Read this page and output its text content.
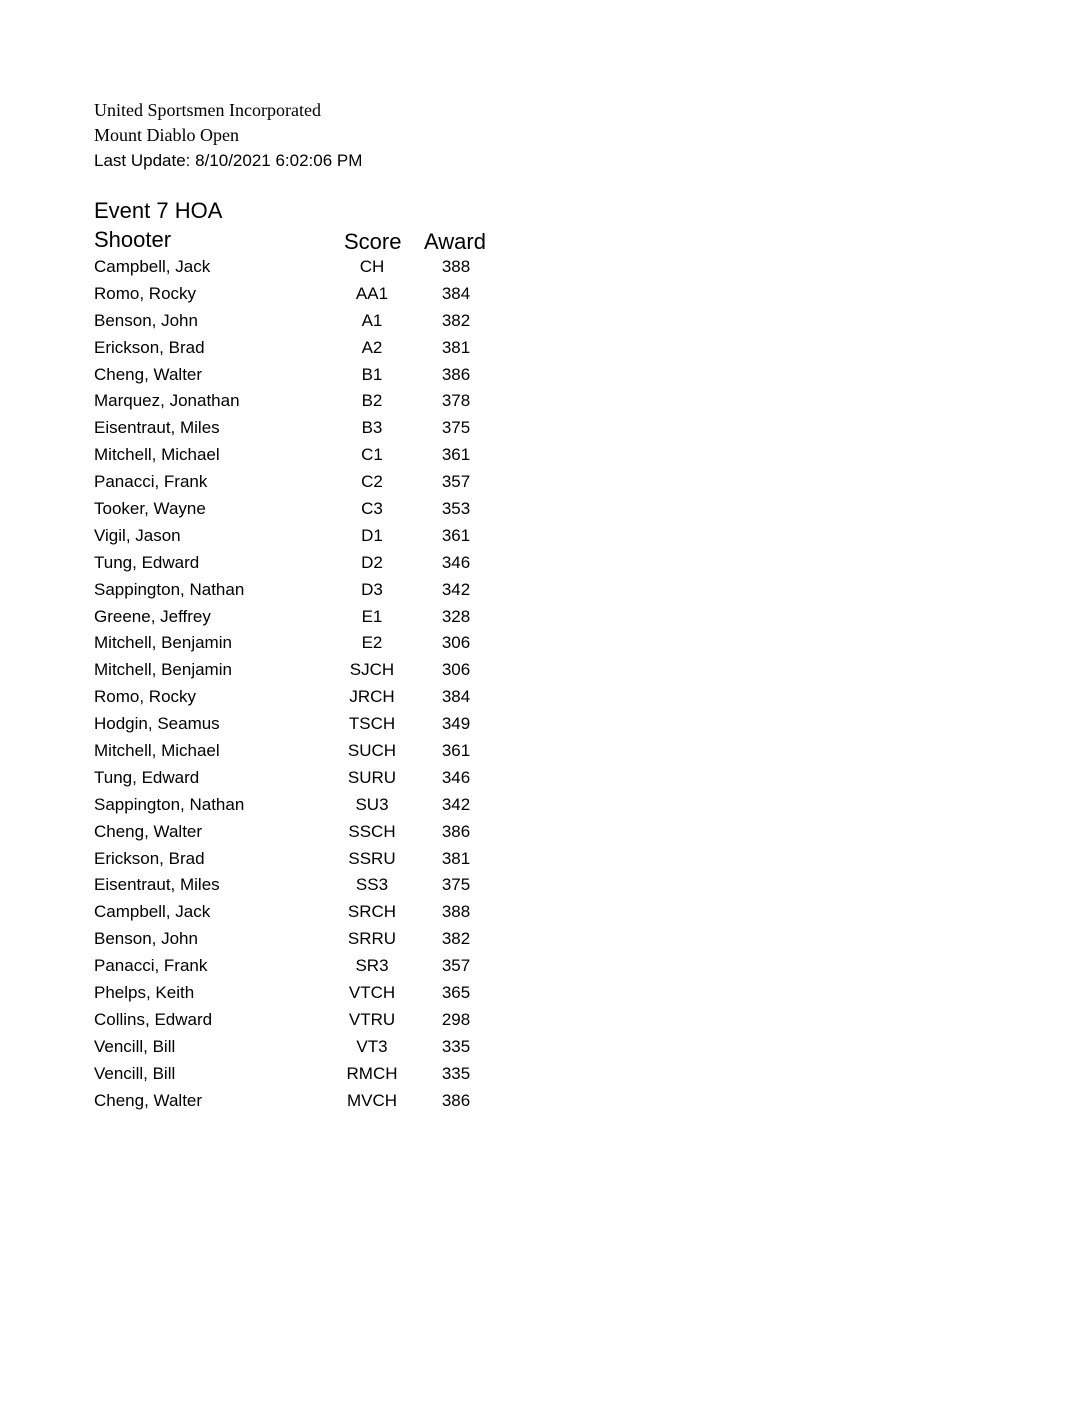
United Sportsmen Incorporated
Mount Diablo Open
Last Update: 8/10/2021 6:02:06 PM
Event 7 HOA
Shooter	Score Award
Campbell, Jack	CH	388
Romo, Rocky	AA1	384
Benson, John	A1	382
Erickson, Brad	A2	381
Cheng, Walter	B1	386
Marquez, Jonathan	B2	378
Eisentraut, Miles	B3	375
Mitchell, Michael	C1	361
Panacci, Frank	C2	357
Tooker, Wayne	C3	353
Vigil, Jason	D1	361
Tung, Edward	D2	346
Sappington, Nathan	D3	342
Greene, Jeffrey	E1	328
Mitchell, Benjamin	E2	306
Mitchell, Benjamin	SJCH	306
Romo, Rocky	JRCH	384
Hodgin, Seamus	TSCH	349
Mitchell, Michael	SUCH	361
Tung, Edward	SURU	346
Sappington, Nathan	SU3	342
Cheng, Walter	SSCH	386
Erickson, Brad	SSRU	381
Eisentraut, Miles	SS3	375
Campbell, Jack	SRCH	388
Benson, John	SRRU	382
Panacci, Frank	SR3	357
Phelps, Keith	VTCH	365
Collins, Edward	VTRU	298
Vencill, Bill	VT3	335
Vencill, Bill	RMCH	335
Cheng, Walter	MVCH	386
